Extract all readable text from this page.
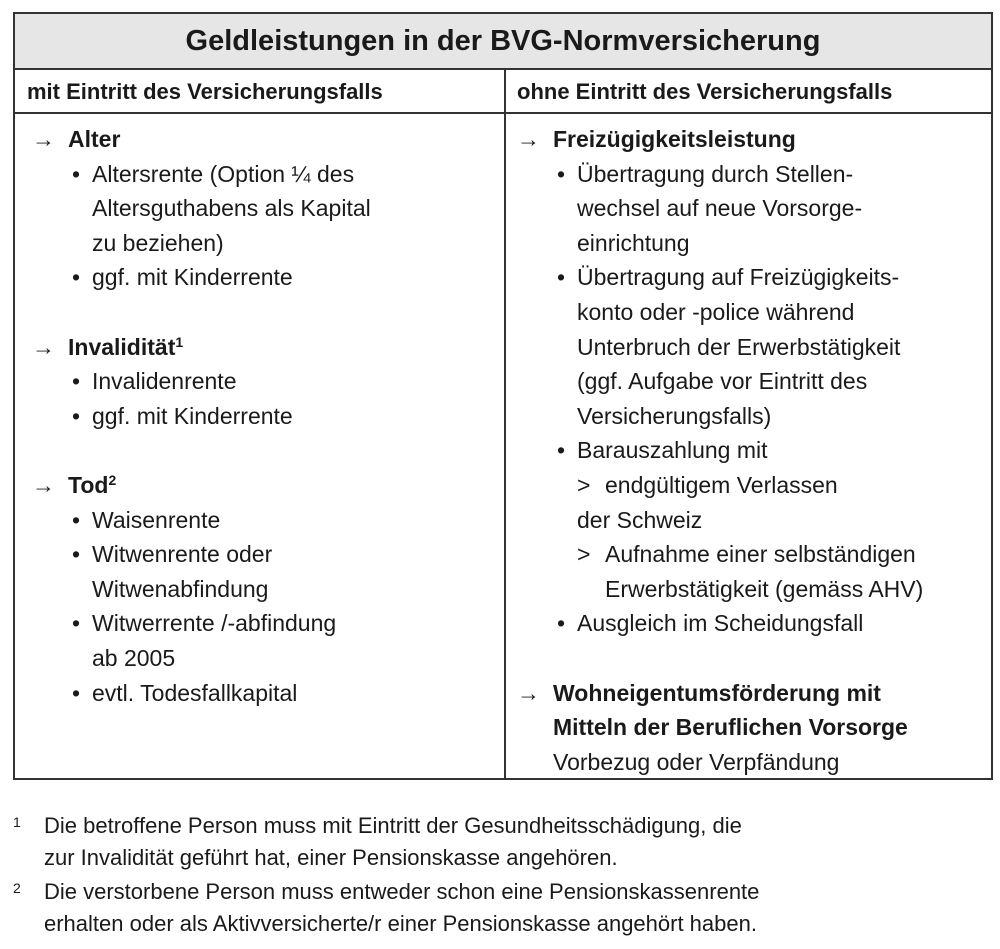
Geldleistungen in der BVG-Normversicherung
mit Eintritt des Versicherungsfalls	ohne Eintritt des Versicherungsfalls
→ Alter
• Altersrente (Option ¼ des
Altersguthabens als Kapital
zu beziehen)
• ggf. mit Kinderrente
→ Invalidität$^1$
• Invalidenrente
• ggf. mit Kinderrente
→ Tod$^2$
• Waisenrente
• Witwenrente oder
Witwenabfindung
• Witwerrente /-abfindung
ab 2005
• evtl. Todesfallkapital
→ Freizügigkeitsleistung
• Übertragung durch Stellen-
wechsel auf neue Vorsorge-
einrichtung
• Übertragung auf Freizügigkeits-
konto oder -police während
Unterbruch der Erwerbstätigkeit
(ggf. Aufgabe vor Eintritt des
Versicherungsfalls)
• Barauszahlung mit
> endgültigem Verlassen
der Schweiz
> Aufnahme einer selbständigen
Erwerbstätigkeit (gemäss AHV)
• Ausgleich im Scheidungsfall
→ Wohneigentumsförderung mit
Mitteln der Beruflichen Vorsorge
Vorbezug oder Verpfändung
1	Die betroffene Person muss mit Eintritt der Gesundheitsschädigung, die
zur Invalidität geführt hat, einer Pensionskasse angehören.
2	Die verstorbene Person muss entweder schon eine Pensionskassenrente
erhalten oder als Aktivversicherte/r einer Pensionskasse angehört haben.
